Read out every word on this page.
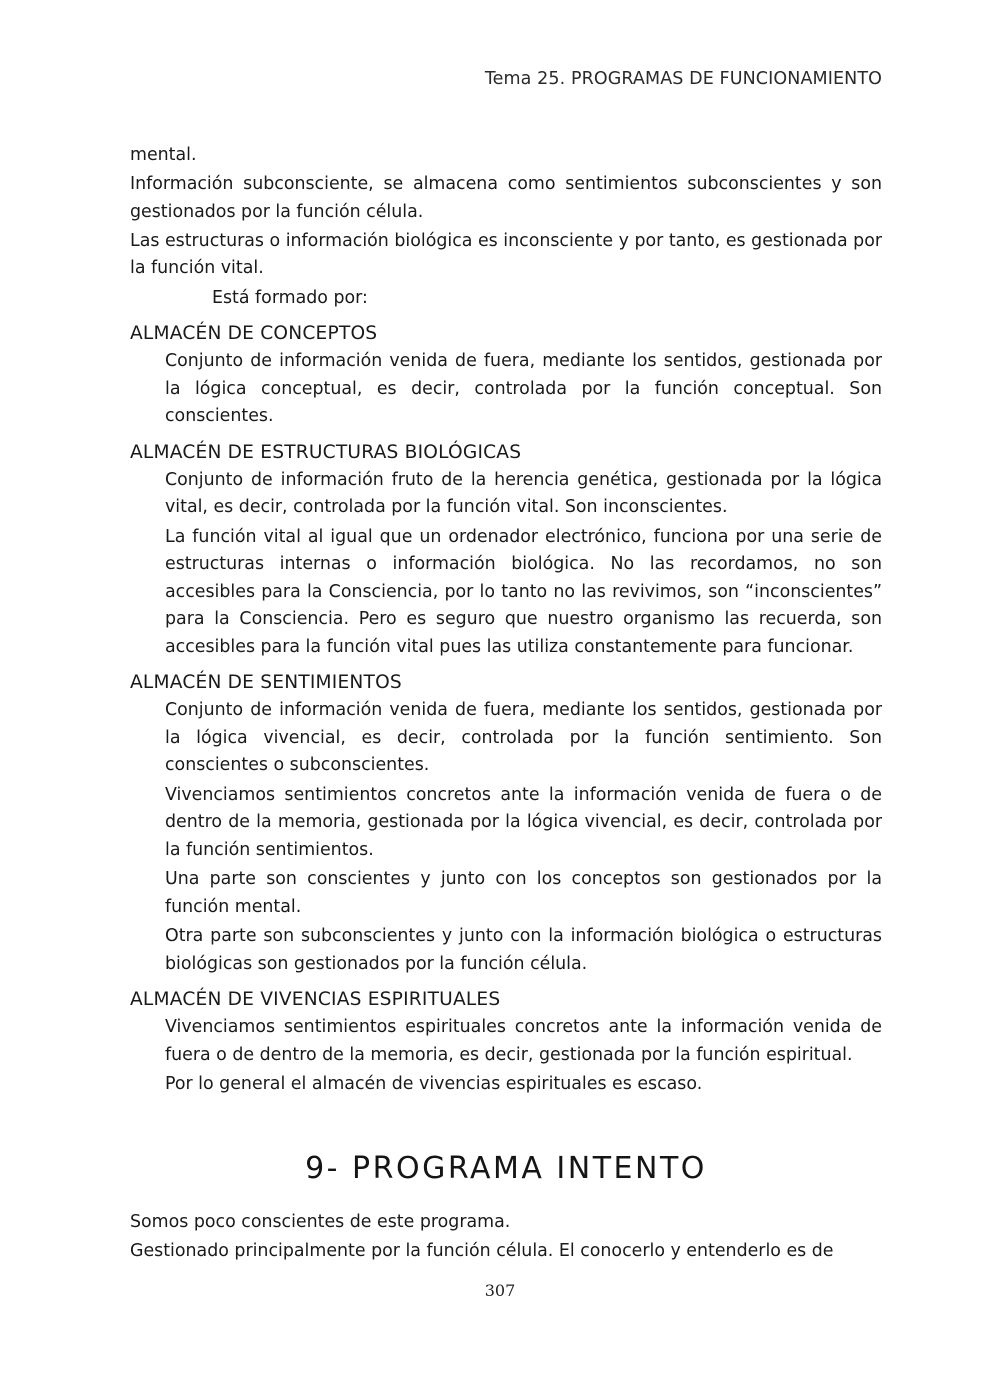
Tema 25. PROGRAMAS DE FUNCIONAMIENTO

mental.

Información subconsciente, se almacena como sentimientos subconscientes y son gestionados por la función célula.

Las estructuras o información biológica es inconsciente y por tanto, es gestionada por la función vital.

Está formado por:

ALMACÉN DE CONCEPTOS

Conjunto de información venida de fuera, mediante los sentidos, gestionada por la lógica conceptual, es decir, controlada por la función conceptual. Son conscientes.

ALMACÉN DE ESTRUCTURAS BIOLÓGICAS

Conjunto de información fruto de la herencia genética, gestionada por la lógica vital, es decir, controlada por la función vital. Son inconscientes.

La función vital al igual que un ordenador electrónico, funciona por una serie de estructuras internas o información biológica. No las recordamos, no son accesibles para la Consciencia, por lo tanto no las revivimos, son “inconscientes” para la Consciencia. Pero es seguro que nuestro organismo las recuerda, son accesibles para la función vital pues las utiliza constantemente para funcionar.

ALMACÉN DE SENTIMIENTOS

Conjunto de información venida de fuera, mediante los sentidos, gestionada por la lógica vivencial, es decir, controlada por la función sentimiento. Son conscientes o subconscientes.

Vivenciamos sentimientos concretos ante la información venida de fuera o de dentro de la memoria, gestionada por la lógica vivencial, es decir, controlada por la función sentimientos.

Una parte son conscientes y junto con los conceptos son gestionados por la función mental.

Otra parte son subconscientes y junto con la información biológica o estructuras biológicas son gestionados por la función célula.

ALMACÉN DE VIVENCIAS ESPIRITUALES

Vivenciamos sentimientos espirituales concretos ante la información venida de fuera o de dentro de la memoria, es decir, gestionada por la función espiritual.

Por lo general el almacén de vivencias espirituales es escaso.

9- PROGRAMA INTENTO

Somos poco conscientes de este programa.

Gestionado principalmente por la función célula. El conocerlo y entenderlo es de

307
